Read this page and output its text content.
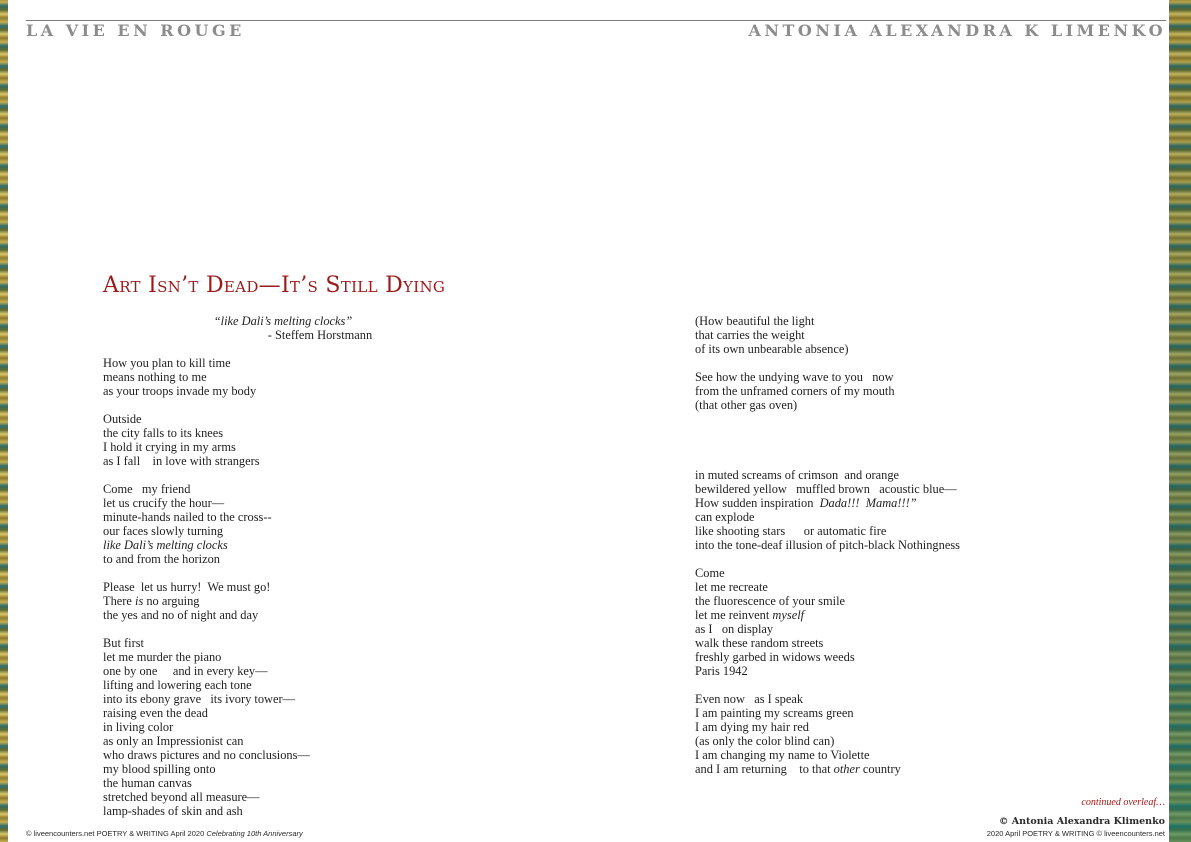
LA VIE EN ROUGE	ANTONIA ALEXANDRA K LIMENKO
Art Isn’t Dead—It’s Still Dying
“like Dali’s melting clocks”
- Steffem Horstmann
How you plan to kill time
means nothing to me
as your troops invade my body
Outside
the city falls to its knees
I hold it crying in my arms
as I fall    in love with strangers
Come   my friend
let us crucify the hour—
minute-hands nailed to the cross--
our faces slowly turning
like Dali’s melting clocks
to and from the horizon
Please  let us hurry!  We must go!
There is no arguing
the yes and no of night and day
But first
let me murder the piano
one by one     and in every key—
lifting and lowering each tone
into its ebony grave   its ivory tower—
raising even the dead
in living color
as only an Impressionist can
who draws pictures and no conclusions—
my blood spilling onto
the human canvas
stretched beyond all measure—
lamp-shades of skin and ash
(How beautiful the light
that carries the weight
of its own unbearable absence)
See how the undying wave to you   now
from the unframed corners of my mouth
(that other gas oven)
in muted screams of crimson  and orange
bewildered yellow   muffled brown   acoustic blue—
How sudden inspiration  Dada!!!  Mama!!!”
can explode
like shooting stars      or automatic fire
into the tone-deaf illusion of pitch-black Nothingness
Come
let me recreate
the fluorescence of your smile
let me reinvent myself
as I   on display
walk these random streets
freshly garbed in widows weeds
Paris 1942
Even now   as I speak
I am painting my screams green
I am dying my hair red
(as only the color blind can)
I am changing my name to Violette
and I am returning    to that other country
continued overleaf…
© Antonia Alexandra Klimenko
© liveencounters.net POETRY & WRITING April 2020 Celebrating 10th Anniversary	2020 April POETRY & WRITING © liveencounters.net
